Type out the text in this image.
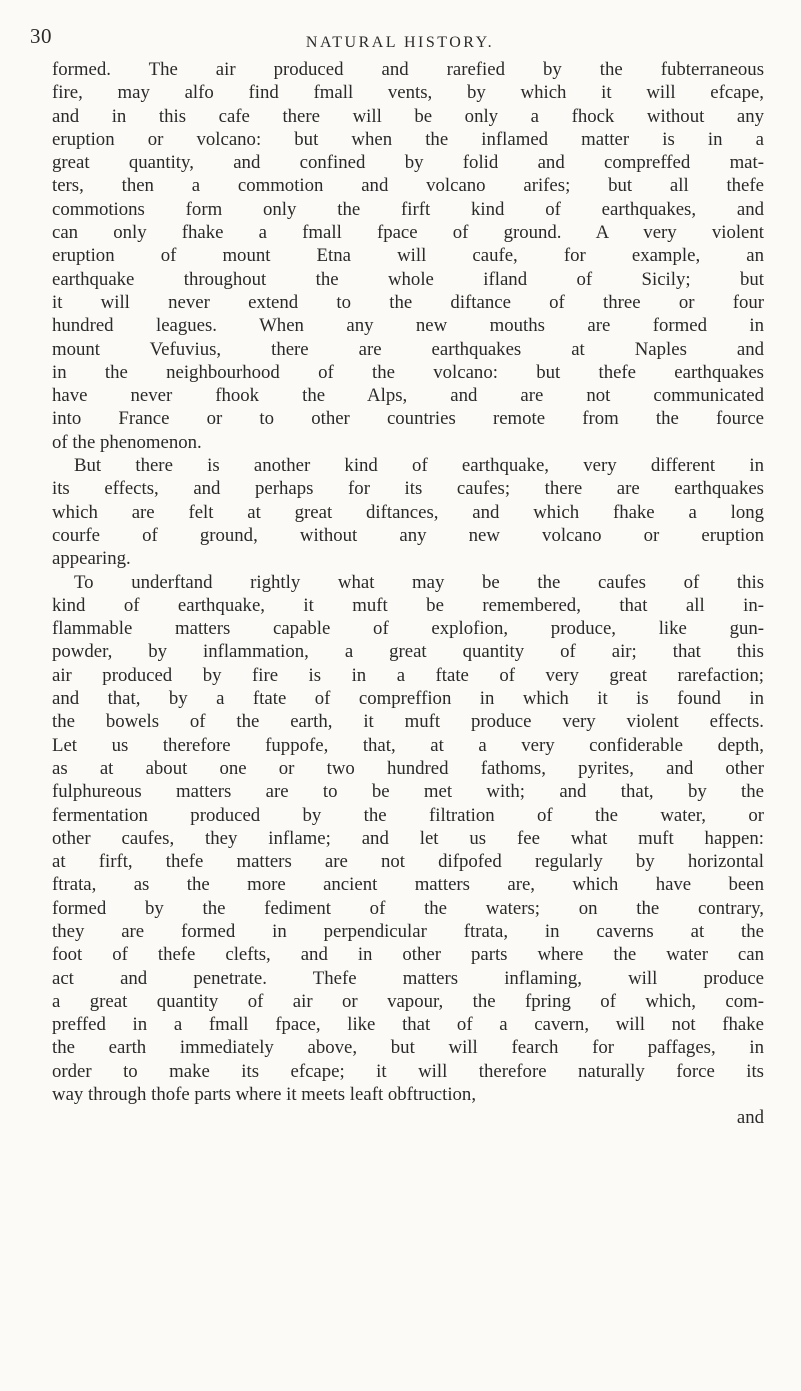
30	NATURAL HISTORY.
formed. The air produced and rarefied by the fubterraneous
fire, may alfo find fmall vents, by which it will efcape,
and in this cafe there will be only a fhock without any
eruption or volcano: but when the inflamed matter is in a
great quantity, and confined by folid and compreffed mat-
ters, then a commotion and volcano arifes; but all thefe
commotions form only the firft kind of earthquakes, and
can only fhake a fmall fpace of ground. A very violent
eruption of mount Etna will caufe, for example, an
earthquake throughout the whole ifland of Sicily; but
it will never extend to the diftance of three or four
hundred leagues. When any new mouths are formed in
mount Vefuvius, there are earthquakes at Naples and
in the neighbourhood of the volcano: but thefe earthquakes
have never fhook the Alps, and are not communicated
into France or to other countries remote from the fource
of the phenomenon.
But there is another kind of earthquake, very different in
its effects, and perhaps for its caufes; there are earthquakes
which are felt at great diftances, and which fhake a long
courfe of ground, without any new volcano or eruption
appearing.
To underftand rightly what may be the caufes of this
kind of earthquake, it muft be remembered, that all in-
flammable matters capable of explofion, produce, like gun-
powder, by inflammation, a great quantity of air; that this
air produced by fire is in a ftate of very great rarefaction;
and that, by a ftate of compreffion in which it is found in
the bowels of the earth, it muft produce very violent effects.
Let us therefore fuppofe, that, at a very confiderable depth,
as at about one or two hundred fathoms, pyrites, and other
fulphureous matters are to be met with; and that, by the
fermentation produced by the filtration of the water, or
other caufes, they inflame; and let us fee what muft happen:
at firft, thefe matters are not difpofed regularly by horizontal
ftrata, as the more ancient matters are, which have been
formed by the fediment of the waters; on the contrary,
they are formed in perpendicular ftrata, in caverns at the
foot of thefe clefts, and in other parts where the water can
act and penetrate. Thefe matters inflaming, will produce
a great quantity of air or vapour, the fpring of which, com-
preffed in a fmall fpace, like that of a cavern, will not fhake
the earth immediately above, but will fearch for paffages, in
order to make its efcape; it will therefore naturally force its
way through thofe parts where it meets leaft obftruction,
and
